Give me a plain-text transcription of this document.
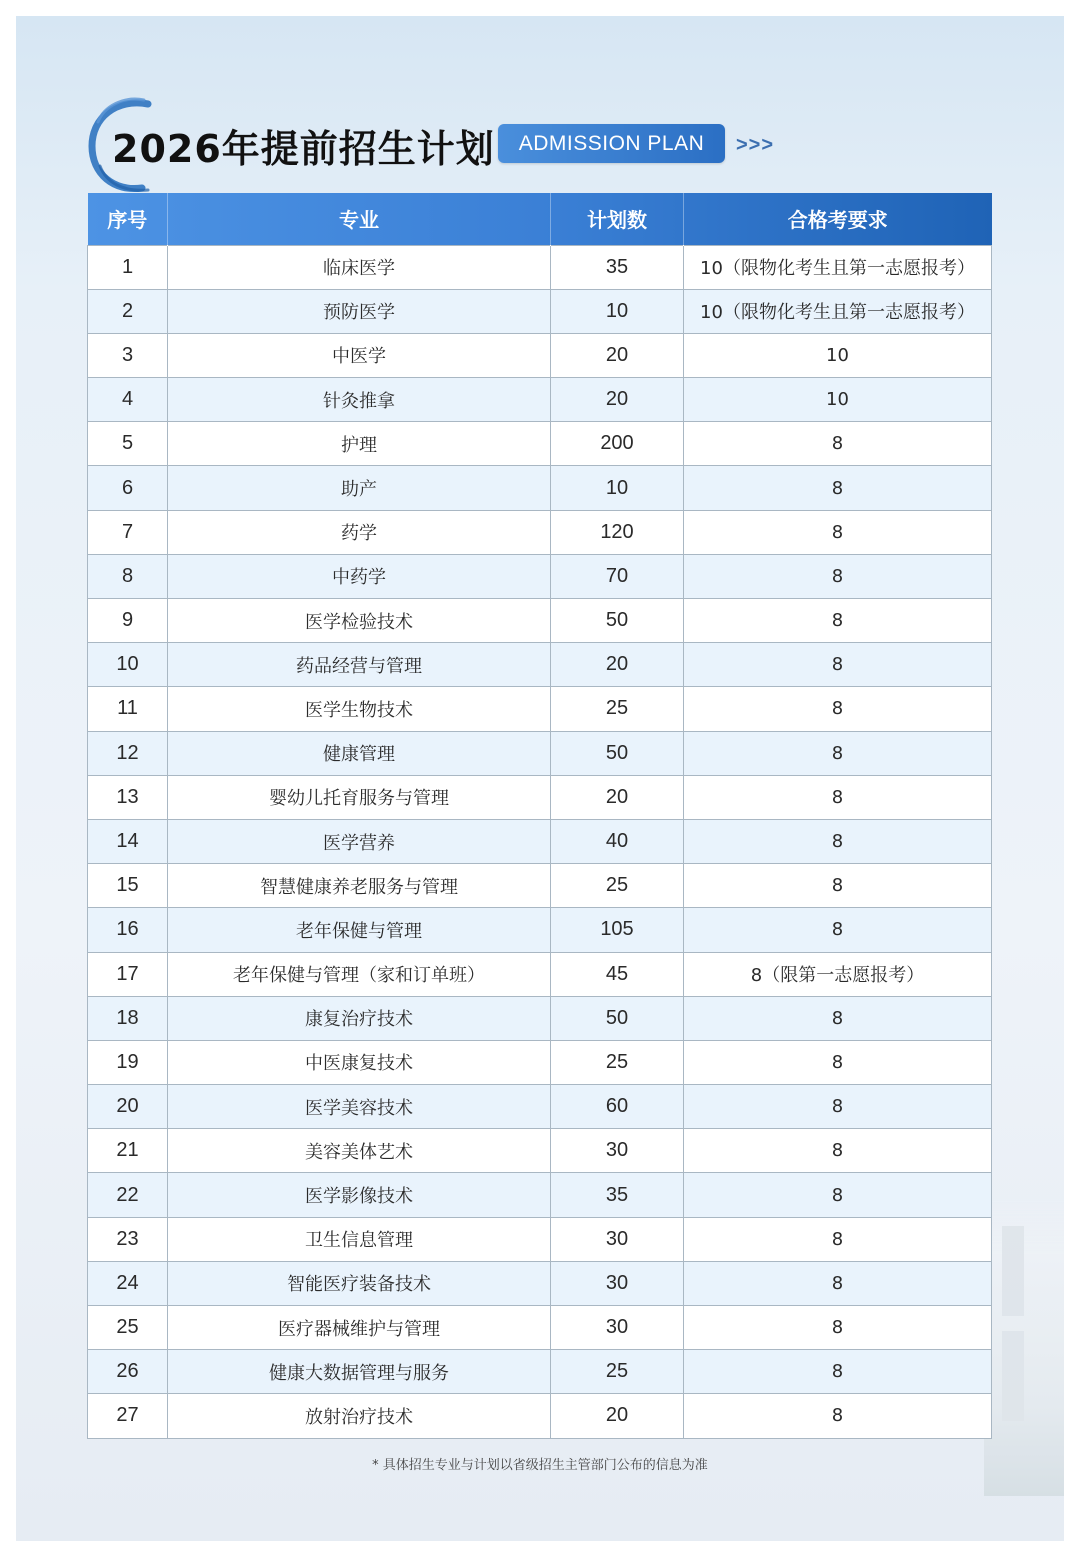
2026年提前招生计划	ADMISSION PLAN	>>>
序号	专业	计划数	合格考要求
1	临床医学	35	10（限物化考生且第一志愿报考）
2	预防医学	10	10（限物化考生且第一志愿报考）
3	中医学	20	10
4	针灸推拿	20	10
5	护理	200	8
6	助产	10	8
7	药学	120	8
8	中药学	70	8
9	医学检验技术	50	8
10	药品经营与管理	20	8
11	医学生物技术	25	8
12	健康管理	50	8
13	婴幼儿托育服务与管理	20	8
14	医学营养	40	8
15	智慧健康养老服务与管理	25	8
16	老年保健与管理	105	8
17	老年保健与管理（家和订单班）	45	8（限第一志愿报考）
18	康复治疗技术	50	8
19	中医康复技术	25	8
20	医学美容技术	60	8
21	美容美体艺术	30	8
22	医学影像技术	35	8
23	卫生信息管理	30	8
24	智能医疗装备技术	30	8
25	医疗器械维护与管理	30	8
26	健康大数据管理与服务	25	8
27	放射治疗技术	20	8
* 具体招生专业与计划以省级招生主管部门公布的信息为准
